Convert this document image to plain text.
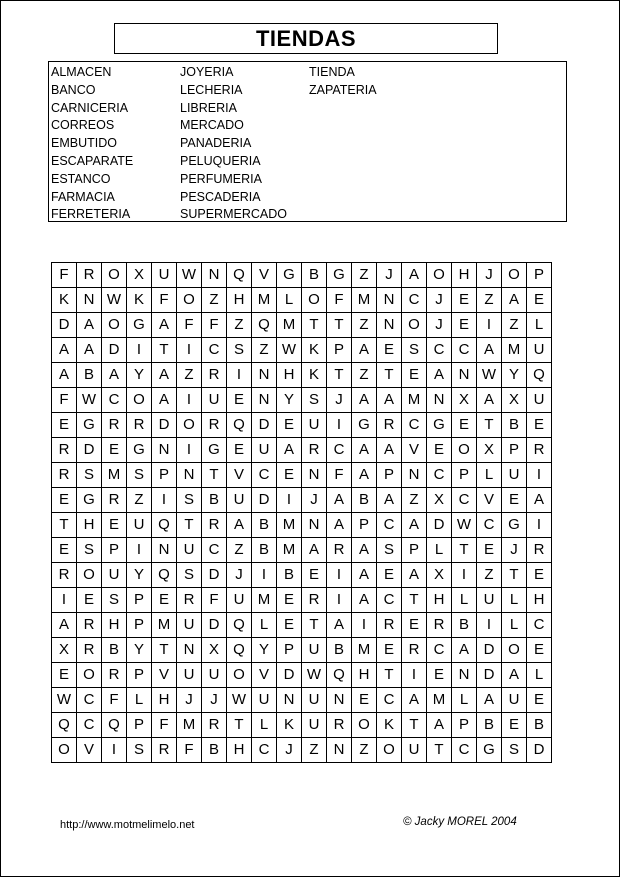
TIENDAS
ALMACEN
BANCO
CARNICERIA
CORREOS
EMBUTIDO
ESCAPARATE
ESTANCO
FARMACIA
FERRETERIA
JOYERIA
LECHERIA
LIBRERIA
MERCADO
PANADERIA
PELUQUERIA
PERFUMERIA
PESCADERIA
SUPERMERCADO
TIENDA
ZAPATERIA
F	R	O	X	U	W	N	Q	V	G	B	G	Z	J	A	O	H	J	O	P
K	N	W	K	F	O	Z	H	M	L	O	F	M	N	C	J	E	Z	A	E
D	A	O	G	A	F	F	Z	Q	M	T	T	Z	N	O	J	E	I	Z	L
A	A	D	I	T	I	C	S	Z	W	K	P	A	E	S	C	C	A	M	U
A	B	A	Y	A	Z	R	I	N	H	K	T	Z	T	E	A	N	W	Y	Q
F	W	C	O	A	I	U	E	N	Y	S	J	A	A	M	N	X	A	X	U
E	G	R	R	D	O	R	Q	D	E	U	I	G	R	C	G	E	T	B	E
R	D	E	G	N	I	G	E	U	A	R	C	A	A	V	E	O	X	P	R
R	S	M	S	P	N	T	V	C	E	N	F	A	P	N	C	P	L	U	I
E	G	R	Z	I	S	B	U	D	I	J	A	B	A	Z	X	C	V	E	A
T	H	E	U	Q	T	R	A	B	M	N	A	P	C	A	D	W	C	G	I
E	S	P	I	N	U	C	Z	B	M	A	R	A	S	P	L	T	E	J	R
R	O	U	Y	Q	S	D	J	I	B	E	I	A	E	A	X	I	Z	T	E
I	E	S	P	E	R	F	U	M	E	R	I	A	C	T	H	L	U	L	H
A	R	H	P	M	U	D	Q	L	E	T	A	I	R	E	R	B	I	L	C
X	R	B	Y	T	N	X	Q	Y	P	U	B	M	E	R	C	A	D	O	E
E	O	R	P	V	U	U	O	V	D	W	Q	H	T	I	E	N	D	A	L
W	C	F	L	H	J	J	W	U	N	U	N	E	C	A	M	L	A	U	E
Q	C	Q	P	F	M	R	T	L	K	U	R	O	K	T	A	P	B	E	B
O	V	I	S	R	F	B	H	C	J	Z	N	Z	O	U	T	C	G	S	D
http://www.motmelimelo.net	© Jacky MOREL 2004
